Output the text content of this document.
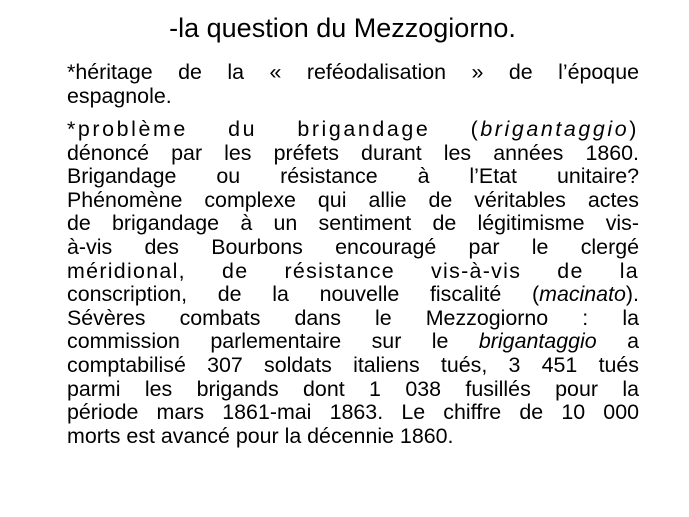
-la question du Mezzogiorno.
*héritage de la « reféodalisation » de l’époque
espagnole.
*problème du brigandage (brigantaggio)
dénoncé par les préfets durant les années 1860.
Brigandage ou résistance à l’Etat unitaire?
Phénomène complexe qui allie de véritables actes
de brigandage à un sentiment de légitimisme vis-
à-vis des Bourbons encouragé par le clergé
méridional, de résistance vis-à-vis de la
conscription, de la nouvelle fiscalité (macinato).
Sévères combats dans le Mezzogiorno : la
commission parlementaire sur le brigantaggio a
comptabilisé 307 soldats italiens tués, 3 451 tués
parmi les brigands dont 1 038 fusillés pour la
période mars 1861-mai 1863. Le chiffre de 10 000
morts est avancé pour la décennie 1860.
